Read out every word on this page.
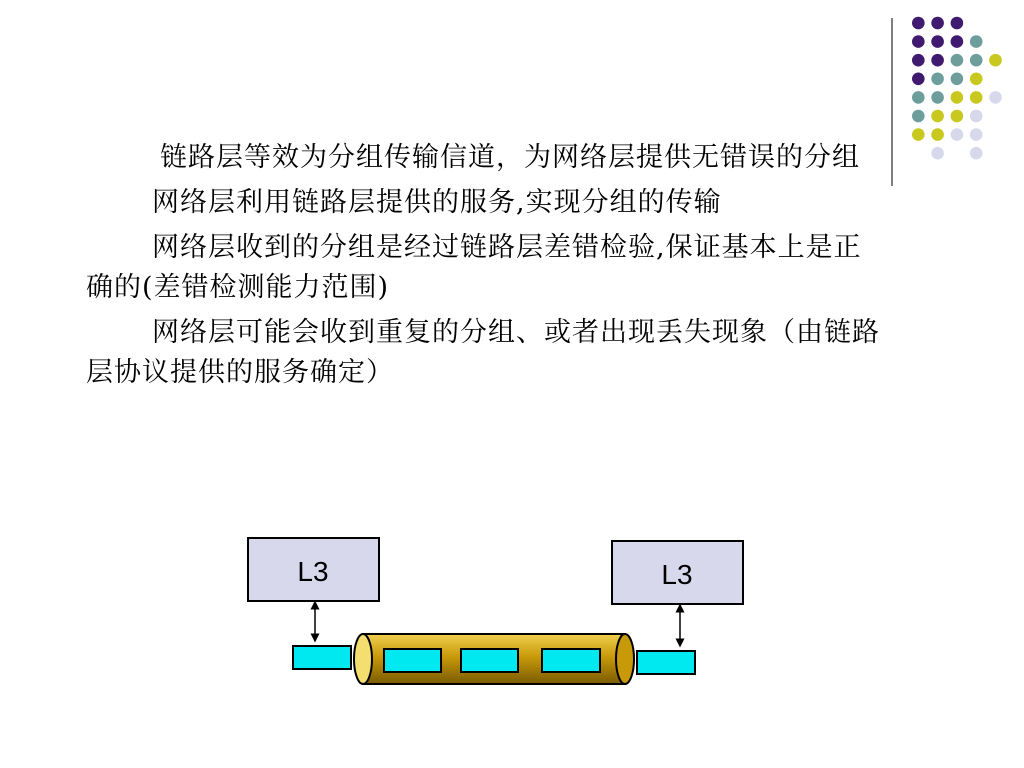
链路层等效为分组传输信道，为网络层提供无错误的分组

网络层利用链路层提供的服务,实现分组的传输

网络层收到的分组是经过链路层差错检验,保证基本上是正确的(差错检测能力范围)

网络层可能会收到重复的分组、或者出现丢失现象（由链路层协议提供的服务确定）

L3	L3
